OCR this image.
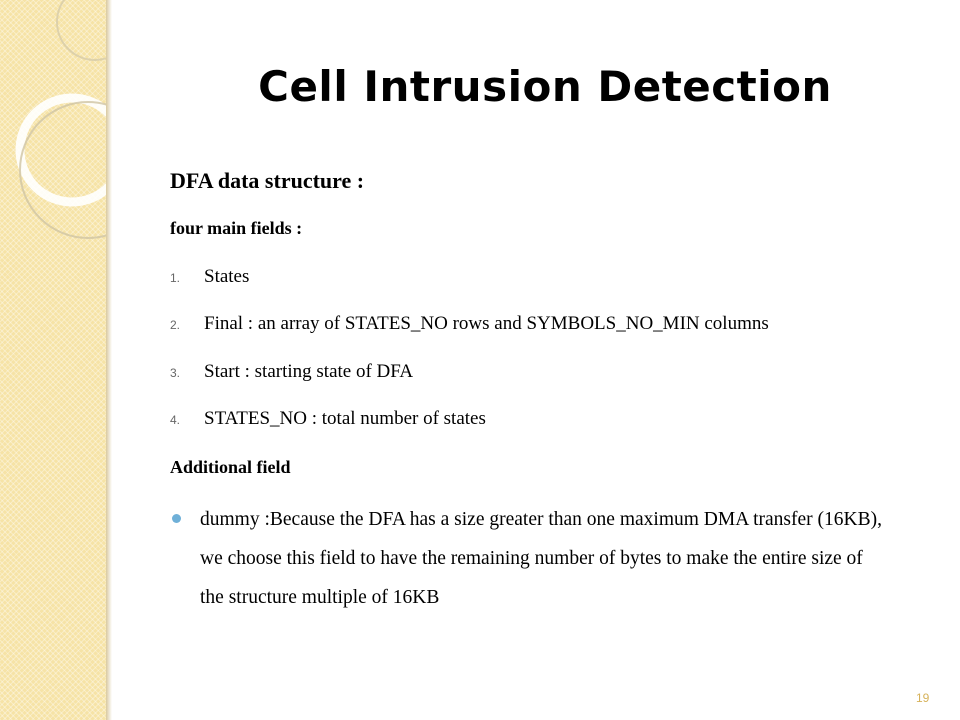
Cell Intrusion Detection
DFA data structure :
four main fields :
1. States
2. Final : an array of STATES_NO rows and SYMBOLS_NO_MIN columns
3. Start : starting state of DFA
4. STATES_NO : total number of states
Additional field
dummy :Because the DFA has a size greater than one maximum DMA transfer (16KB), we choose this field to have the remaining number of bytes to make the entire size of the structure multiple of 16KB
19
